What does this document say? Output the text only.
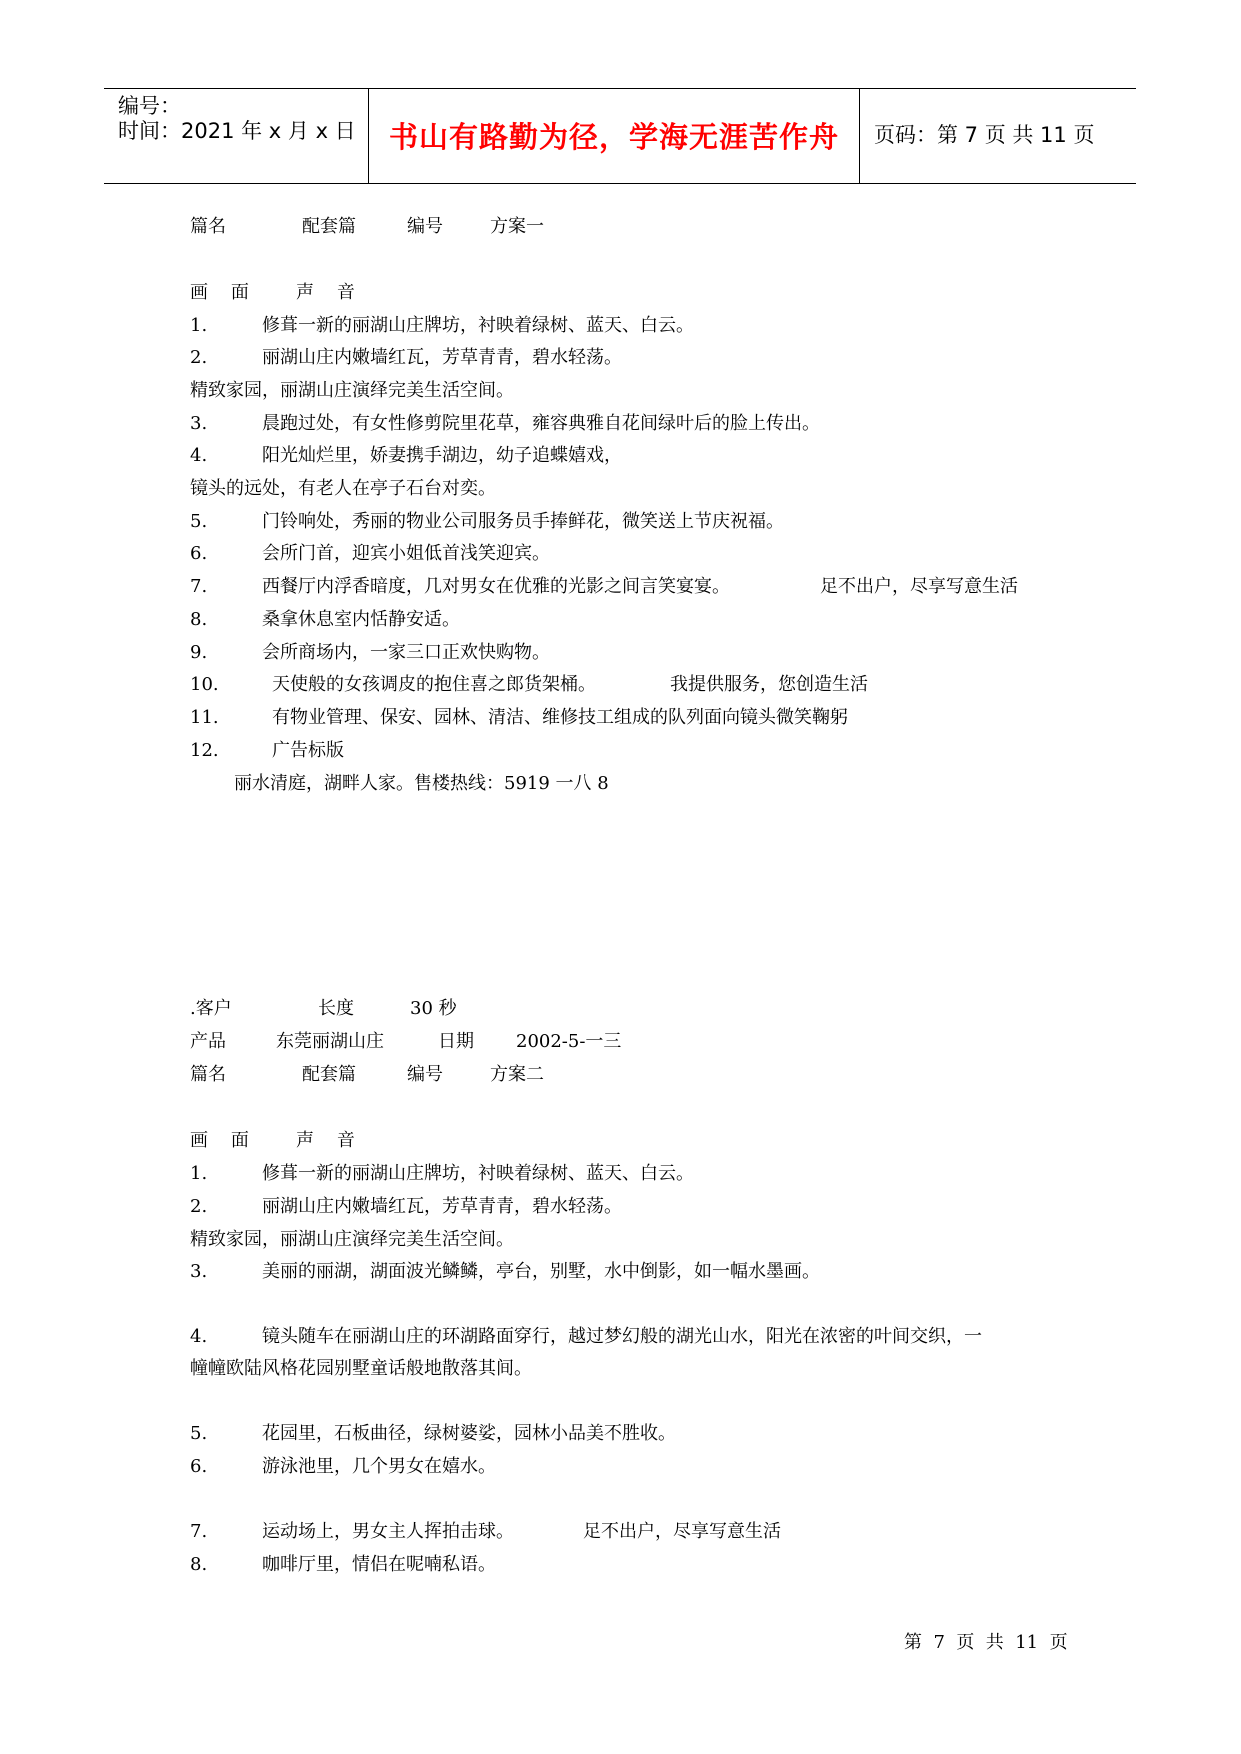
编号：
时间：2021 年 x 月 x 日	书山有路勤为径，学海无涯苦作舟	页码：第 7 页 共 11 页
篇名	配套篇	编号	方案一
画    面	声    音
1.	修葺一新的丽湖山庄牌坊，衬映着绿树、蓝天、白云。
2.	丽湖山庄内嫩墙红瓦，芳草青青，碧水轻荡。
精致家园，丽湖山庄演绎完美生活空间。
3.	晨跑过处，有女性修剪院里花草，雍容典雅自花间绿叶后的脸上传出。
4.	阳光灿烂里，娇妻携手湖边，幼子追蝶嬉戏，
镜头的远处，有老人在亭子石台对奕。
5.	门铃响处，秀丽的物业公司服务员手捧鲜花，微笑送上节庆祝福。
6.	会所门首，迎宾小姐低首浅笑迎宾。
7.	西餐厅内浮香暗度，几对男女在优雅的光影之间言笑宴宴。	足不出户，尽享写意生活
8.	桑拿休息室内恬静安适。
9.	会所商场内，一家三口正欢快购物。
10.	天使般的女孩调皮的抱住喜之郎货架桶。	我提供服务，您创造生活
11.	有物业管理、保安、园林、清洁、维修技工组成的队列面向镜头微笑鞠躬
12.	广告标版
丽水清庭，湖畔人家。售楼热线：5919 一八 8
.客户	长度	30 秒
产品	东莞丽湖山庄	日期 2002-5-一三
篇名	配套篇	编号	方案二
画    面	声    音
1.	修葺一新的丽湖山庄牌坊，衬映着绿树、蓝天、白云。
2.	丽湖山庄内嫩墙红瓦，芳草青青，碧水轻荡。
精致家园，丽湖山庄演绎完美生活空间。
3.	美丽的丽湖，湖面波光鳞鳞，亭台，别墅，水中倒影，如一幅水墨画。
4.	镜头随车在丽湖山庄的环湖路面穿行，越过梦幻般的湖光山水，阳光在浓密的叶间交织，一
幢幢欧陆风格花园别墅童话般地散落其间。
5.	花园里，石板曲径，绿树婆娑，园林小品美不胜收。
6.	游泳池里，几个男女在嬉水。
7.	运动场上，男女主人挥拍击球。	足不出户，尽享写意生活
8.	咖啡厅里，情侣在呢喃私语。
第  7  页  共  11  页
